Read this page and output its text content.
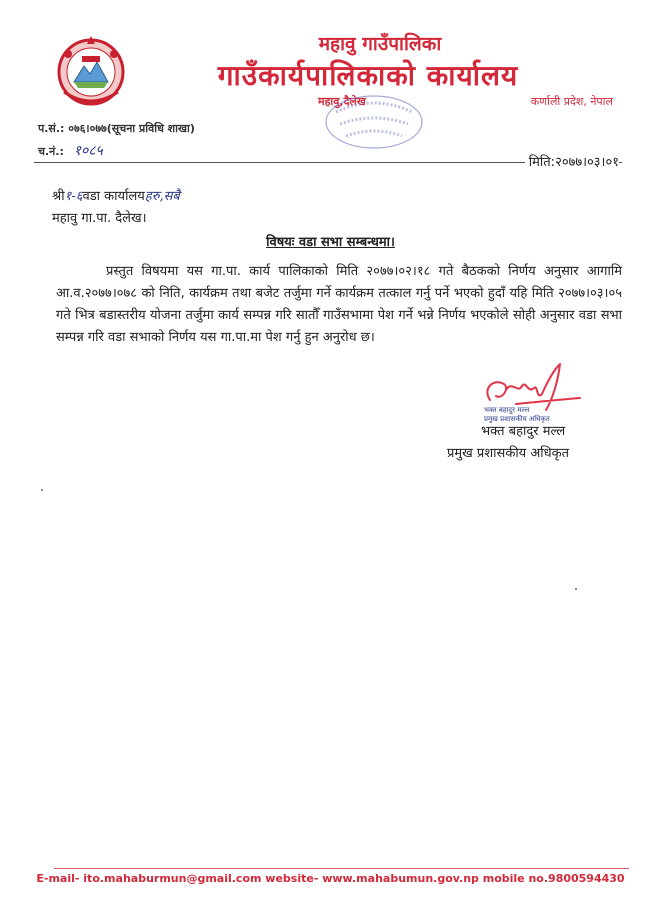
महावु गाउँपालिका
गाउँकार्यपालिकाको कार्यालय
महावु,दैलेख	कर्णाली प्रदेश, नेपाल
प.सं.: ०७६।०७७(सूचना प्रविधि शाखा)
च.नं.: १०८५
मिति:२०७७।०३।०१
श्री१-६वडा कार्यालयहरु,सबै
महावु गा.पा. दैलेख।
विषयः वडा सभा सम्बन्धमा।

प्रस्तुत विषयमा यस गा.पा. कार्य पालिकाको मिति २०७७।०२।१८ गते बैठकको निर्णय अनुसार आगामि आ.व.२०७७।०७८ को निति, कार्यक्रम तथा बजेट तर्जुमा गर्ने कार्यक्रम तत्काल गर्नु पर्ने भएको हुदाँ यहि मिति २०७७।०३।०५ गते भित्र बडास्तरीय योजना तर्जुमा कार्य सम्पन्न गरि सातौँ गाउँसभामा पेश गर्ने भन्ने निर्णय भएकोले सोही अनुसार वडा सभा सम्पन्न गरि वडा सभाको निर्णय यस गा.पा.मा पेश गर्नु हुन अनुरोध छ।

भक्त बहादुर मल्ल
प्रमुख प्रशासकीय अधिकृत
भक्त बहादुर मल्ल
प्रमुख प्रशासकीय अधिकृत
E-mail- ito.mahaburmun@gmail.com website- www.mahabumun.gov.np mobile no.9800594430
